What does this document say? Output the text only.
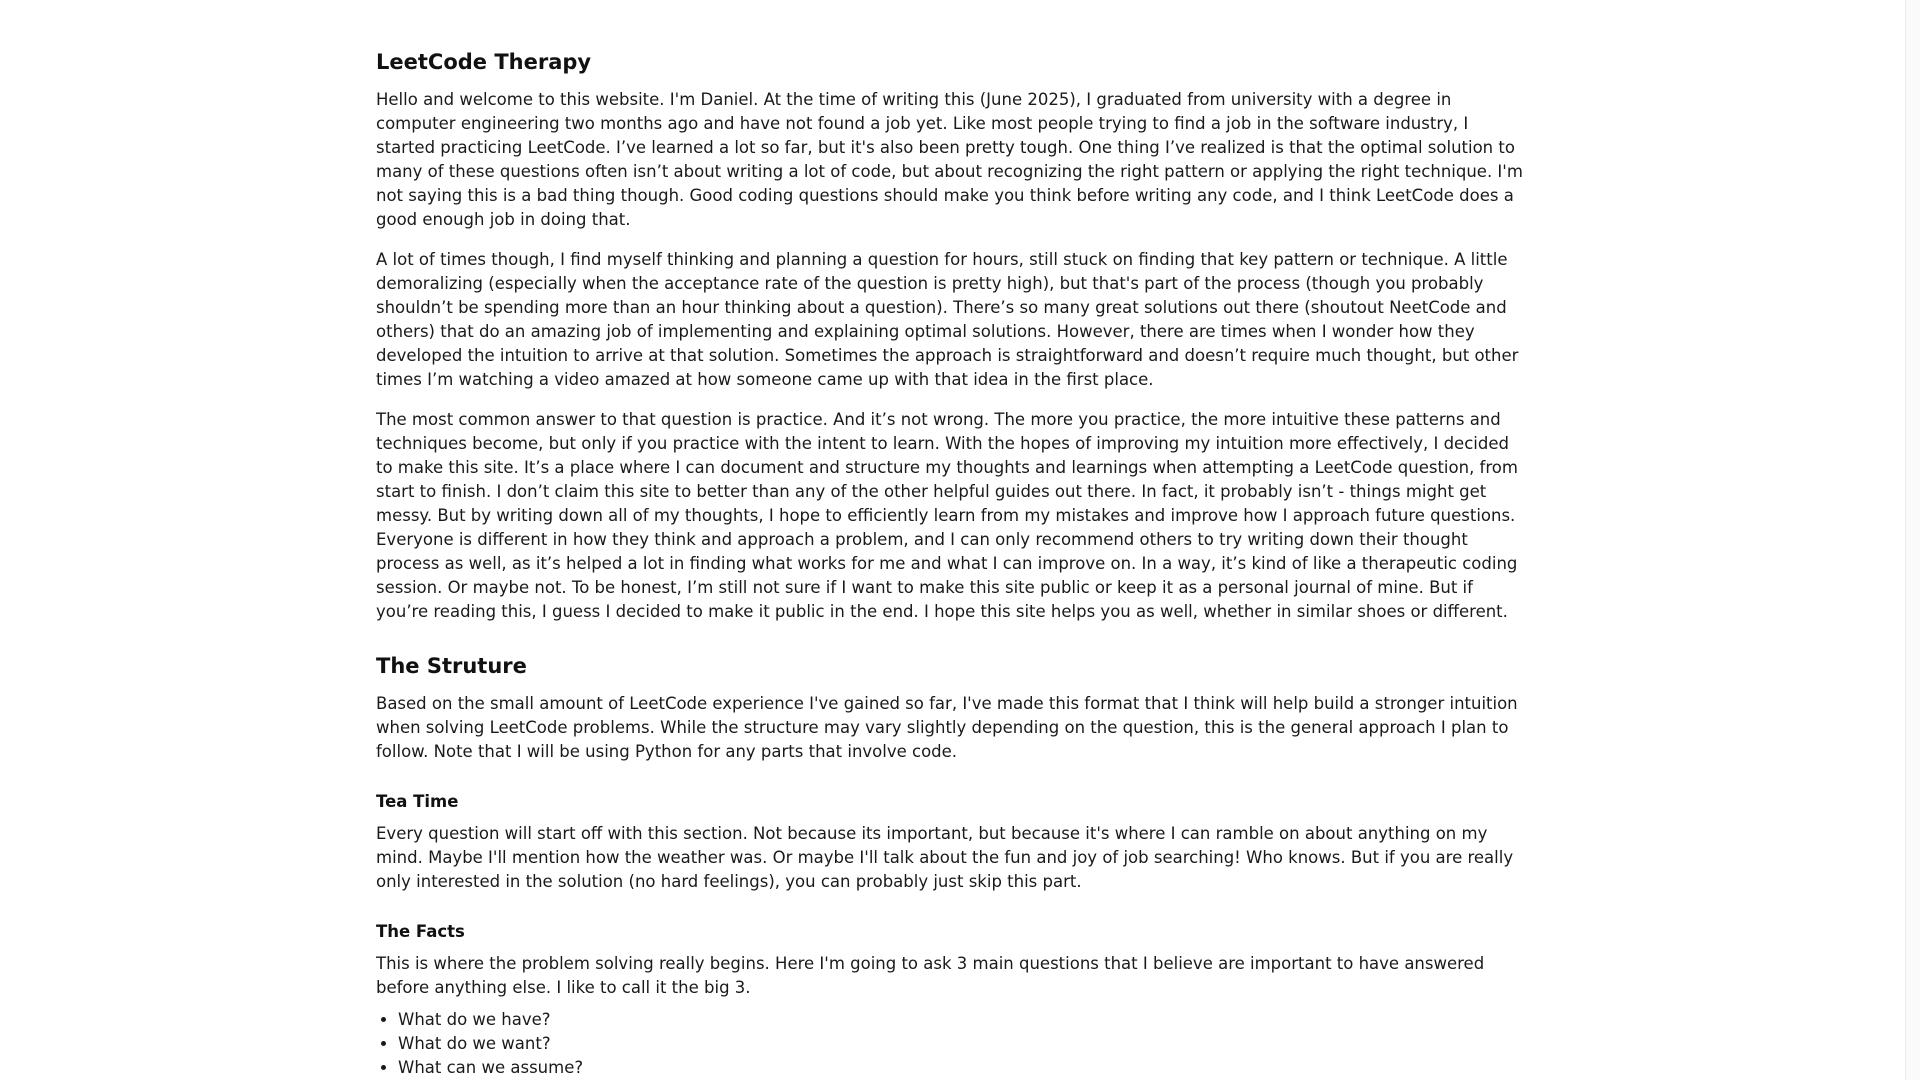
LeetCode Therapy

Hello and welcome to this website. I'm Daniel. At the time of writing this (June 2025), I graduated from university with a degree in computer engineering two months ago and have not found a job yet. Like most people trying to find a job in the software industry, I started practicing LeetCode. I’ve learned a lot so far, but it's also been pretty tough. One thing I’ve realized is that the optimal solution to many of these questions often isn’t about writing a lot of code, but about recognizing the right pattern or applying the right technique. I'm not saying this is a bad thing though. Good coding questions should make you think before writing any code, and I think LeetCode does a good enough job in doing that.

A lot of times though, I find myself thinking and planning a question for hours, still stuck on finding that key pattern or technique. A little demoralizing (especially when the acceptance rate of the question is pretty high), but that's part of the process (though you probably shouldn’t be spending more than an hour thinking about a question). There’s so many great solutions out there (shoutout NeetCode and others) that do an amazing job of implementing and explaining optimal solutions. However, there are times when I wonder how they developed the intuition to arrive at that solution. Sometimes the approach is straightforward and doesn’t require much thought, but other times I’m watching a video amazed at how someone came up with that idea in the first place.

The most common answer to that question is practice. And it’s not wrong. The more you practice, the more intuitive these patterns and techniques become, but only if you practice with the intent to learn. With the hopes of improving my intuition more effectively, I decided to make this site. It’s a place where I can document and structure my thoughts and learnings when attempting a LeetCode question, from start to finish. I don’t claim this site to better than any of the other helpful guides out there. In fact, it probably isn’t - things might get messy. But by writing down all of my thoughts, I hope to efficiently learn from my mistakes and improve how I approach future questions. Everyone is different in how they think and approach a problem, and I can only recommend others to try writing down their thought process as well, as it’s helped a lot in finding what works for me and what I can improve on. In a way, it’s kind of like a therapeutic coding session. Or maybe not. To be honest, I’m still not sure if I want to make this site public or keep it as a personal journal of mine. But if you’re reading this, I guess I decided to make it public in the end. I hope this site helps you as well, whether in similar shoes or different.

The Struture

Based on the small amount of LeetCode experience I've gained so far, I've made this format that I think will help build a stronger intuition when solving LeetCode problems. While the structure may vary slightly depending on the question, this is the general approach I plan to follow. Note that I will be using Python for any parts that involve code.

Tea Time

Every question will start off with this section. Not because its important, but because it's where I can ramble on about anything on my mind. Maybe I'll mention how the weather was. Or maybe I'll talk about the fun and joy of job searching! Who knows. But if you are really only interested in the solution (no hard feelings), you can probably just skip this part.

The Facts

This is where the problem solving really begins. Here I'm going to ask 3 main questions that I believe are important to have answered before anything else. I like to call it the big 3.

• What do we have?
• What do we want?
• What can we assume?
